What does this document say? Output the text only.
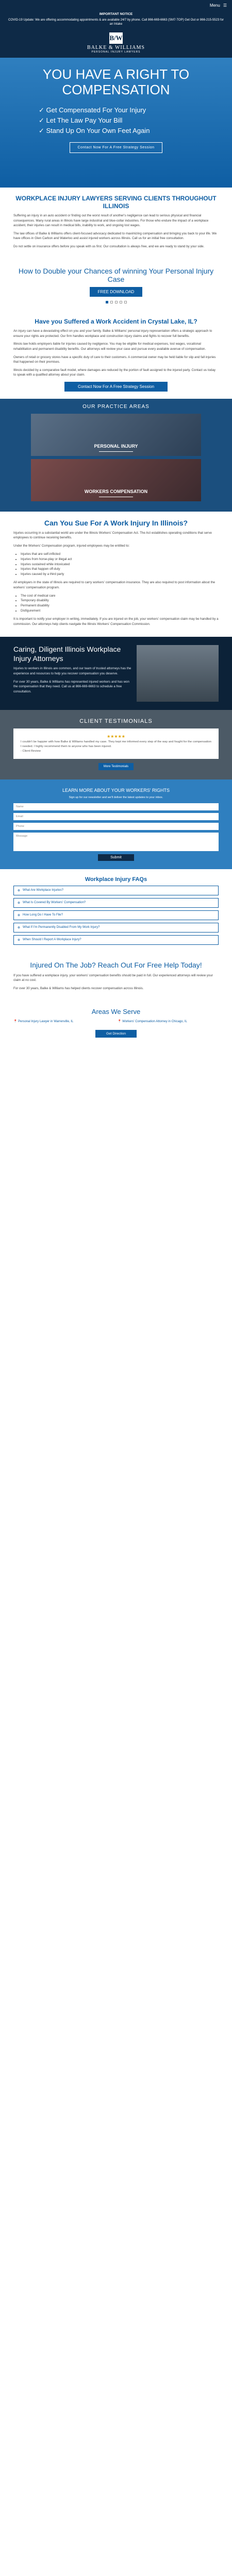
Menu ☰
IMPORTANT NOTICE
COVID-19 Update: We are offering accommodating appointments & are available 24/7 by phone. Call 866-669-6663 (SM7-TOP) Get Out or 866-215-5523 for an Intake
B/W
BALKE & WILLIAMS
PERSONAL INJURY LAWYERS
YOU HAVE A RIGHT TO COMPENSATION
✓ Get Compensated For Your Injury
✓ Let The Law Pay Your Bill
✓ Stand Up On Your Own Feet Again
Contact Now For A Free Strategy Session
WORKPLACE INJURY LAWYERS SERVING CLIENTS THROUGHOUT ILLINOIS

Suffering an injury in an auto accident or finding out the worst result of another's negligence can lead to serious physical and financial consequences. Many rural areas in Illinois have large industrial and blue-collar industries. For those who endure the impact of a workplace accident, their injuries can result in medical bills, inability to work, and ongoing lost wages.

The law offices of Balke & Williams offers client-focused advocacy dedicated to maximizing compensation and bringing you back to your life. We have offices in Glen Carbon and Waterloo and assist injured workers across Illinois. Call us for an initial free consultation.

Do not settle on insurance offers before you speak with us first. Our consultation is always free, and we are ready to stand by your side.

How to Double your Chances of winning Your Personal Injury Case
FREE DOWNLOAD
Have you Suffered a Work Accident in Crystal Lake, IL?

An injury can have a devastating effect on you and your family. Balke & Williams' personal injury representation offers a strategic approach to ensure your rights are protected. Our firm handles workplace and construction injury claims and fights to recover full benefits.

Illinois law holds employers liable for injuries caused by negligence. You may be eligible for medical expenses, lost wages, vocational rehabilitation and permanent disability benefits. Our attorneys will review your case and pursue every available avenue of compensation.

Owners of retail or grocery stores have a specific duty of care to their customers. A commercial owner may be held liable for slip and fall injuries that happened on their premises.

Illinois decided by a comparative fault model, where damages are reduced by the portion of fault assigned to the injured party. Contact us today to speak with a qualified attorney about your claim.

Contact Now For A Free Strategy Session
OUR PRACTICE AREAS
PERSONAL INJURY
WORKERS COMPENSATION
Can You Sue For A Work Injury In Illinois?

Injuries occurring in a substantial world are under the Illinois Workers' Compensation Act. The Act establishes operating conditions that serve employees to continue receiving benefits.

Under the Workers' Compensation program, injured employees may be entitled to:

• Injuries that are self-inflicted
• Injuries from horse-play or illegal act
• Injuries sustained while intoxicated
• Injuries that happen off-duty
• Injuries caused by a third party

All employers in the state of Illinois are required to carry workers' compensation insurance. They are also required to post information about the workers' compensation program.

• The cost of medical care
• Temporary disability
• Permanent disability
• Disfigurement

It is important to notify your employer in writing, immediately. If you are injured on the job, your workers' compensation claim may be handled by a commission. Our attorneys help clients navigate the Illinois Workers' Compensation Commission.

Caring, Diligent Illinois Workplace Injury Attorneys

Injuries to workers in Illinois are common, and our team of trusted attorneys has the experience and resources to help you recover compensation you deserve.

For over 30 years, Balke & Williams has represented injured workers and has won the compensation that they need. Call us at 866-669-6663 to schedule a free consultation.

CLIENT TESTIMONIALS
★★★★★

I couldn't be happier with how Balke & Williams handled my case. They kept me informed every step of the way and fought for the compensation I needed. I highly recommend them to anyone who has been injured.

- Client Review

More Testimonials
LEARN MORE ABOUT YOUR WORKERS' RIGHTS

Sign up for our newsletter and we'll deliver the latest updates to your inbox.

Name
Email
Phone
Message
Submit
Workplace Injury FAQs
⊕ What Are Workplace Injuries?
⊕ What Is Covered By Workers' Compensation?
⊕ How Long Do I Have To File?
⊕ What If I'm Permanently Disabled From My Work Injury?
⊕ When Should I Report A Workplace Injury?
Injured On The Job? Reach Out For Free Help Today!

If you have suffered a workplace injury, your workers' compensation benefits should be paid in full. Our experienced attorneys will review your claim at no cost.

For over 30 years, Balke & Williams has helped clients recover compensation across Illinois.

Areas We Serve
📍 Personal Injury Lawyer in Warrenville, IL	📍 Workers' Compensation Attorney in Chicago, IL
Get Direction
